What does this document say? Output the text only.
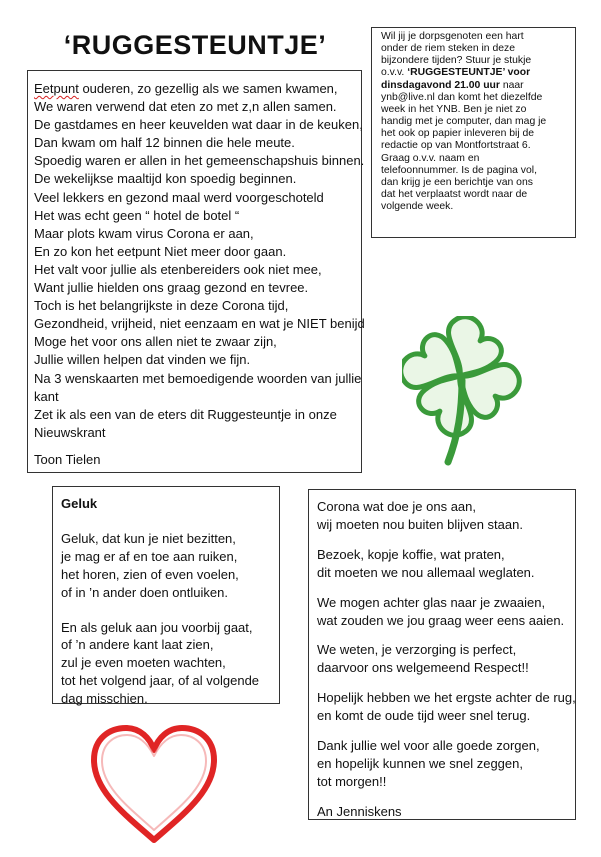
‘RUGGESTEUNTJE’
Eetpunt ouderen, zo gezellig als we samen kwamen,
We waren verwend dat eten zo met z,n allen samen.
De gastdames en heer keuvelden wat daar in de keuken,
Dan kwam om half 12 binnen die hele meute.
Spoedig waren er allen in het gemeenschapshuis binnen.
De wekelijkse maaltijd kon spoedig beginnen.
Veel lekkers en gezond maal werd voorgeschoteld
Het was echt geen “ hotel de botel “
Maar plots kwam virus Corona er aan,
En zo kon het eetpunt Niet meer door gaan.
Het valt voor jullie als etenbereiders ook niet mee,
Want jullie hielden ons graag gezond en tevree.
Toch is het belangrijkste in deze Corona tijd,
Gezondheid, vrijheid, niet eenzaam en wat je NIET benijd
Moge het voor ons allen niet te zwaar zijn,
Jullie willen helpen dat vinden we fijn.
Na 3 wenskaarten met bemoedigende woorden van jullie
kant
Zet ik als een van de eters dit Ruggesteuntje in onze
Nieuwskrant
Toon Tielen
Wil jij je dorpsgenoten een hart
onder de riem steken in deze
bijzondere tijden? Stuur je stukje
o.v.v. ‘RUGGESTEUNTJE’ voor
dinsdagavond 21.00 uur naar
ynb@live.nl dan komt het diezelfde
week in het YNB. Ben je niet zo
handig met je computer, dan mag je
het ook op papier inleveren bij de
redactie op van Montfortstraat 6.
Graag o.v.v. naam en
telefoonnummer. Is de pagina vol,
dan krijg je een berichtje van ons
dat het verplaatst wordt naar de
volgende week.
Geluk
Geluk, dat kun je niet bezitten,
je mag er af en toe aan ruiken,
het horen, zien of even voelen,
of in ’n ander doen ontluiken.
En als geluk aan jou voorbij gaat,
of ’n andere kant laat zien,
zul je even moeten wachten,
tot het volgend jaar, of al volgende
dag misschien.
Corona wat doe je ons aan,
wij moeten nou buiten blijven staan.
Bezoek, kopje koffie, wat praten,
dit moeten we nou allemaal weglaten.
We mogen achter glas naar je zwaaien,
wat zouden we jou graag weer eens aaien.
We weten, je verzorging is perfect,
daarvoor ons welgemeend Respect!!
Hopelijk hebben we het ergste achter de rug,
en komt de oude tijd weer snel terug.
Dank jullie wel voor alle goede zorgen,
en hopelijk kunnen we snel zeggen,
tot morgen!!
An Jenniskens
